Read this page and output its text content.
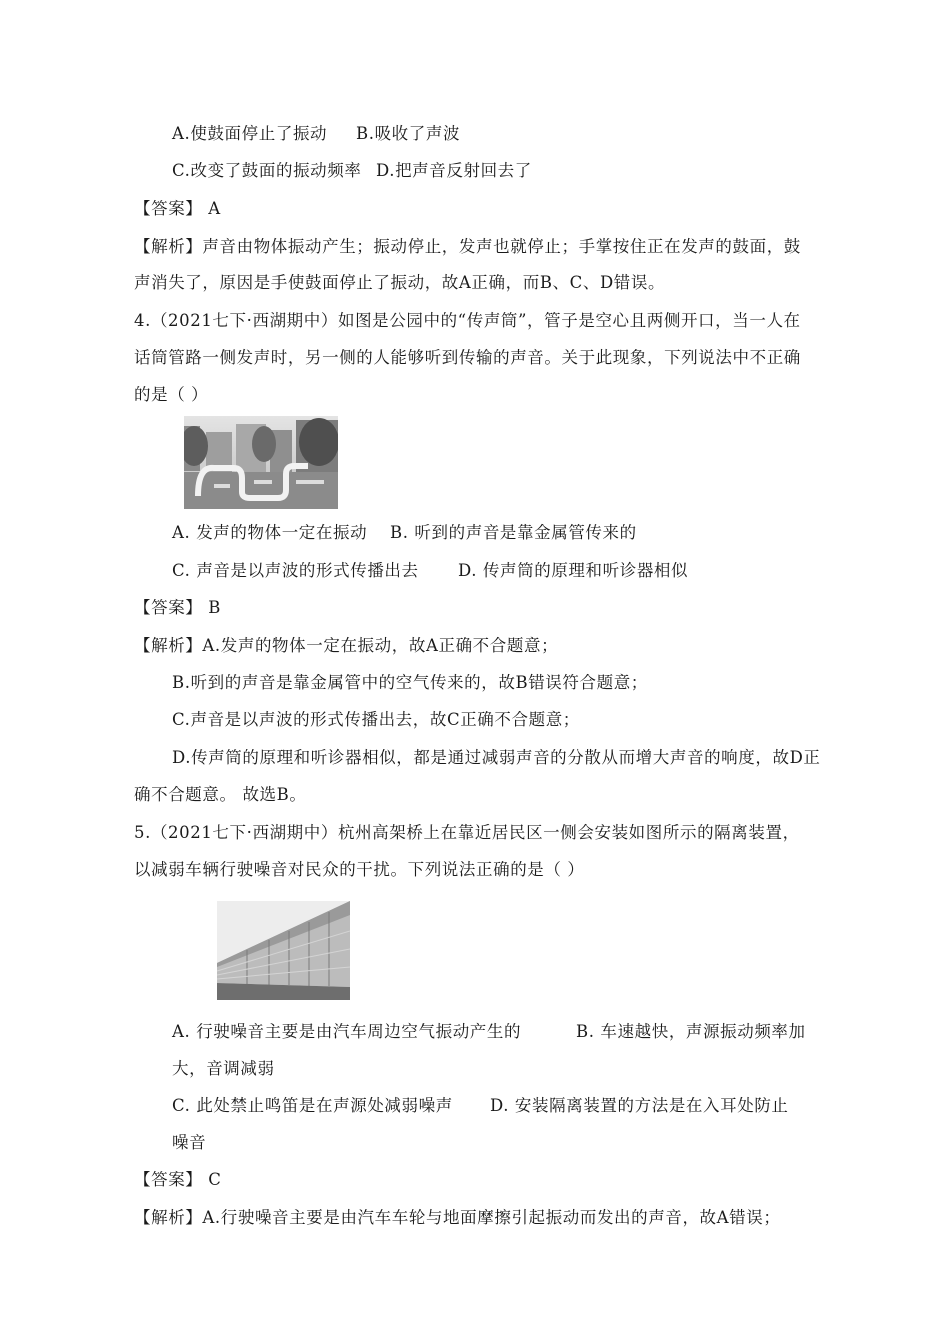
A.使鼓面停止了振动 B.吸收了声波
C.改变了鼓面的振动频率 D.把声音反射回去了
【答案】 A
【解析】声音由物体振动产生；振动停止，发声也就停止；手掌按住正在发声的鼓面，鼓
声消失了，原因是手使鼓面停止了振动，故A正确，而B、C、D错误。
4.（2021七下·西湖期中）如图是公园中的“传声筒”，管子是空心且两侧开口，当一人在
话筒管路一侧发声时，另一侧的人能够听到传输的声音。关于此现象，下列说法中不正确
的是（ ）
A. 发声的物体一定在振动 B. 听到的声音是靠金属管传来的
C. 声音是以声波的形式传播出去 D. 传声筒的原理和听诊器相似
【答案】 B
【解析】A.发声的物体一定在振动，故A正确不合题意；
B.听到的声音是靠金属管中的空气传来的，故B错误符合题意；
C.声音是以声波的形式传播出去，故C正确不合题意；
D.传声筒的原理和听诊器相似，都是通过减弱声音的分散从而增大声音的响度，故D正
确不合题意。 故选B。
5.（2021七下·西湖期中）杭州高架桥上在靠近居民区一侧会安装如图所示的隔离装置，
以减弱车辆行驶噪音对民众的干扰。下列说法正确的是（ ）
A. 行驶噪音主要是由汽车周边空气振动产生的	B. 车速越快，声源振动频率加
大，音调减弱
C. 此处禁止鸣笛是在声源处减弱噪声 D. 安装隔离装置的方法是在入耳处防止
噪音
【答案】 C
【解析】A.行驶噪音主要是由汽车车轮与地面摩擦引起振动而发出的声音，故A错误；
